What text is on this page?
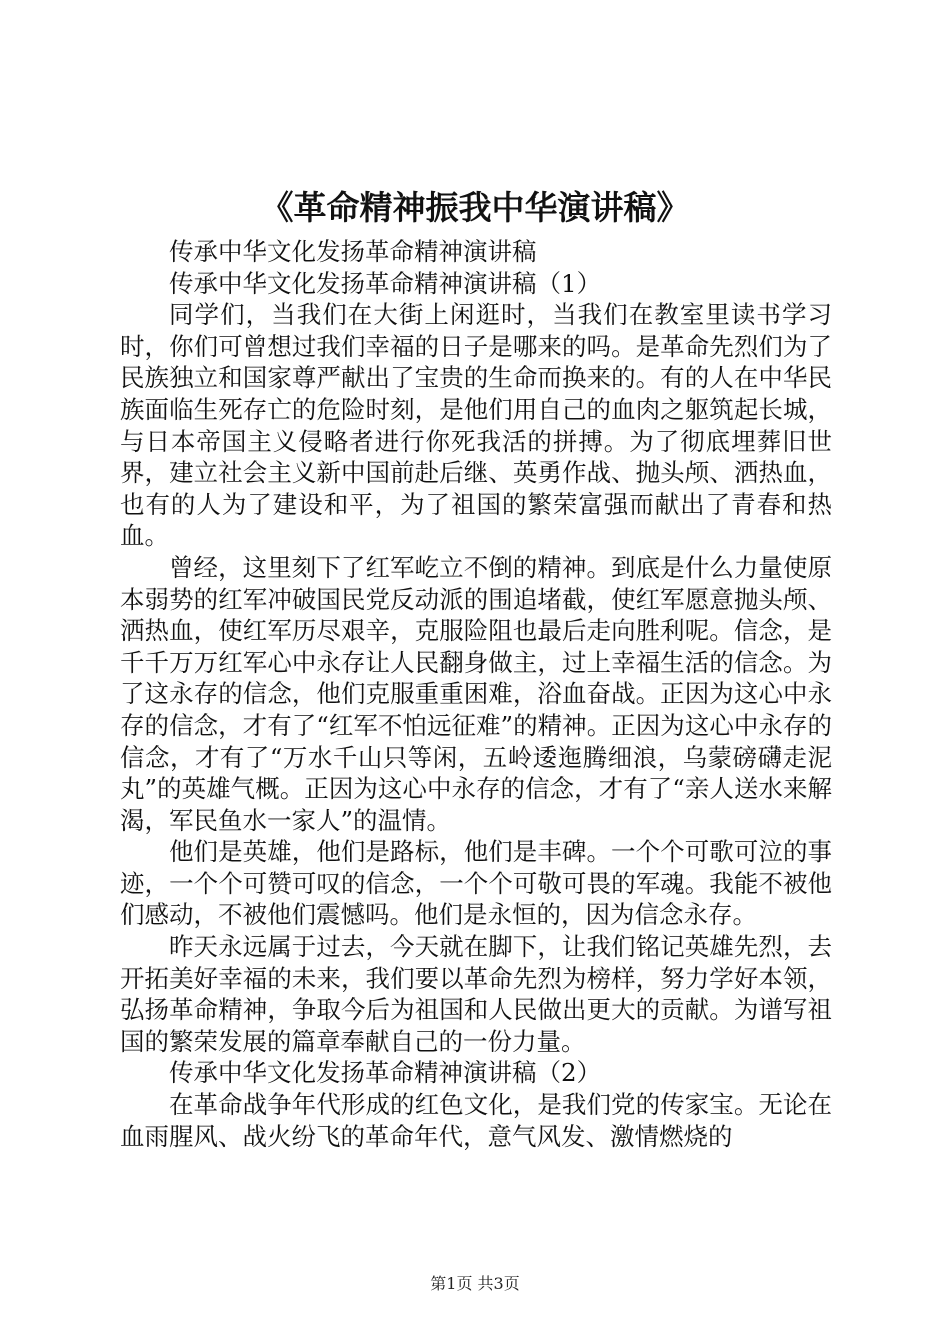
《革命精神振我中华演讲稿》

传承中华文化发扬革命精神演讲稿

传承中华文化发扬革命精神演讲稿（1）

同学们，当我们在大街上闲逛时，当我们在教室里读书学习时，你们可曾想过我们幸福的日子是哪来的吗。是革命先烈们为了民族独立和国家尊严献出了宝贵的生命而换来的。有的人在中华民族面临生死存亡的危险时刻，是他们用自己的血肉之躯筑起长城，与日本帝国主义侵略者进行你死我活的拼搏。为了彻底埋葬旧世界，建立社会主义新中国前赴后继、英勇作战、抛头颅、洒热血，也有的人为了建设和平，为了祖国的繁荣富强而献出了青春和热血。

曾经，这里刻下了红军屹立不倒的精神。到底是什么力量使原本弱势的红军冲破国民党反动派的围追堵截，使红军愿意抛头颅、洒热血，使红军历尽艰辛，克服险阻也最后走向胜利呢。信念，是千千万万红军心中永存让人民翻身做主，过上幸福生活的信念。为了这永存的信念，他们克服重重困难，浴血奋战。正因为这心中永存的信念，才有了“红军不怕远征难”的精神。正因为这心中永存的信念，才有了“万水千山只等闲，五岭逶迤腾细浪，乌蒙磅礴走泥丸”的英雄气概。正因为这心中永存的信念，才有了“亲人送水来解渴，军民鱼水一家人”的温情。

他们是英雄，他们是路标，他们是丰碑。一个个可歌可泣的事迹，一个个可赞可叹的信念，一个个可敬可畏的军魂。我能不被他们感动，不被他们震憾吗。他们是永恒的，因为信念永存。

昨天永远属于过去，今天就在脚下，让我们铭记英雄先烈，去开拓美好幸福的未来，我们要以革命先烈为榜样，努力学好本领，弘扬革命精神，争取今后为祖国和人民做出更大的贡献。为谱写祖国的繁荣发展的篇章奉献自己的一份力量。

传承中华文化发扬革命精神演讲稿（2）

在革命战争年代形成的红色文化，是我们党的传家宝。无论在血雨腥风、战火纷飞的革命年代，意气风发、激情燃烧的

第1页 共3页
